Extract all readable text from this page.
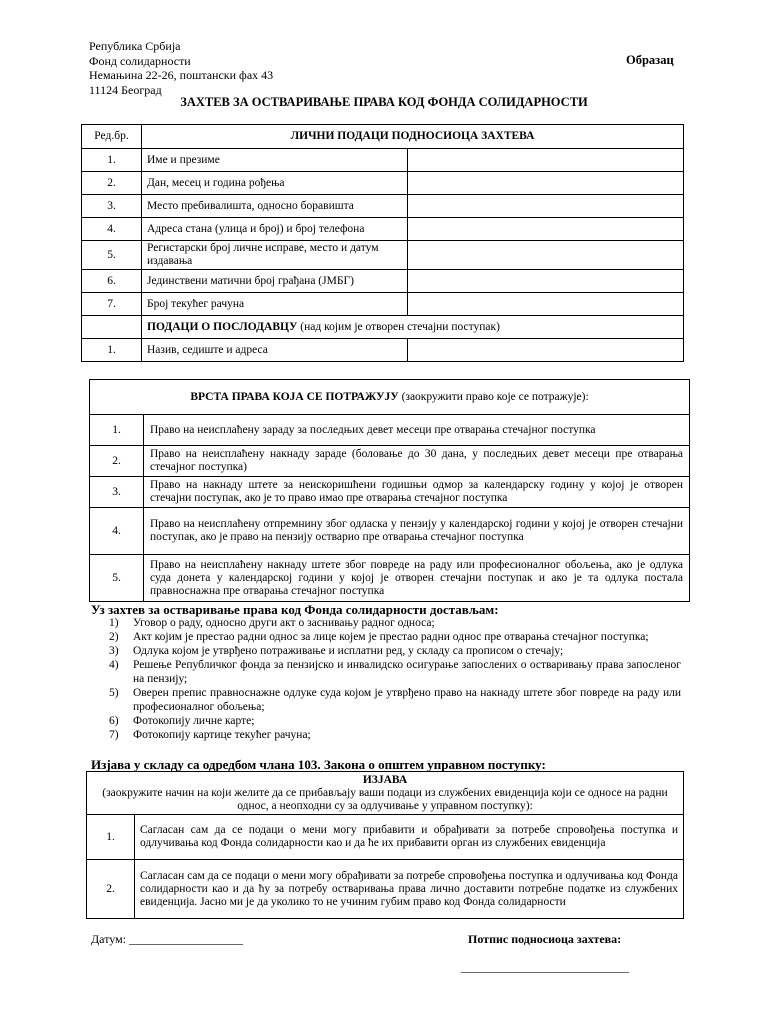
Република Србија
Фонд солидарности
Немањина 22-26, поштански фах 43
11124 Београд
Образац
ЗАХТЕВ ЗА ОСТВАРИВАЊЕ ПРАВА КОД ФОНДА СОЛИДАРНОСТИ
Ред.бр.	ЛИЧНИ ПОДАЦИ ПОДНОСИОЦА ЗАХТЕВА	
1.	Име и презиме	
2.	Дан, месец и година рођења	
3.	Место пребивалишта, односно боравишта	
4.	Адреса стана (улица и број) и број телефона	
5.	Регистарски број личне исправе, место и датум издавања	
6.	Јединствени матични број грађана (ЈМБГ)	
7.	Број текућег рачуна	
	ПОДАЦИ О ПОСЛОДАВЦУ (над којим је отворен стечајни поступак)	
1.	Назив, седиште и адреса	
ВРСТА ПРАВА КОЈА СЕ ПОТРАЖУЈУ (заокружити право које се потражује):	
1.	Право на неисплаћену зараду за последњих девет месеци пре отварања стечајног поступка
2.	Право на неисплаћену накнаду зараде (боловање до 30 дана, у последњих девет месеци пре отварања стечајног поступка)
3.	Право на накнаду штете за неискоришћени годишњи одмор за календарску годину у којој је отворен стечајни поступак, ако је то право имао пре отварања стечајног поступка
4.	Право на неисплаћену отпремнину због одласка у пензију у календарској години у којој је отворен стечајни поступак, ако је право на пензију остварио пре отварања стечајног поступка
5.	Право на неисплаћену накнаду штете због повреде на раду или професионалног обољења, ако је одлука суда донета у календарској години у којој је отворен стечајни поступак и ако је та одлука постала правноснажна пре отварања стечајног поступка
Уз захтев за остваривање права код Фонда солидарности достављам:
1)	Уговор о раду, односно други акт о заснивању радног односа;
2)	Акт којим је престао радни однос за лице којем је престао радни однос пре отварања стечајног поступка;
3)	Одлука којом је утврђено потраживање и исплатни ред, у складу са прописом о стечају;
4)	Решење Републичког фонда за пензијско и инвалидско осигурање запослених о остваривању права запосленог на пензију;
5)	Оверен препис правноснажне одлуке суда којом је утврђено право на накнаду штете због повреде на раду или професионалног обољења;
6)	Фотокопију личне карте;
7)	Фотокопију картице текућег рачуна;
Изјава у складу са одредбом члана 103. Закона о општем управном поступку:
ИЗЈАВА
(заокружите начин на који желите да се прибављају ваши подаци из службених евиденција који се односе на радни однос, а неопходни су за одлучивање у управном поступку):	

1.	Сагласан сам да се подаци о мени могу прибавити и обрађивати за потребе спровођења поступка и одлучивања код Фонда солидарности као и да ће их прибавити орган из службених евиденција
2.	Сагласан сам да се подаци о мени могу обрађивати за потребе спровођења поступка и одлучивања код Фонда солидарности као и да ћу за потребу остваривања права лично доставити потребне податке из службених евиденција. Јасно ми је да уколико то не учиним губим право код Фонда солидарности
Датум: ___________________	Потпис подносиоца захтева:
____________________________
